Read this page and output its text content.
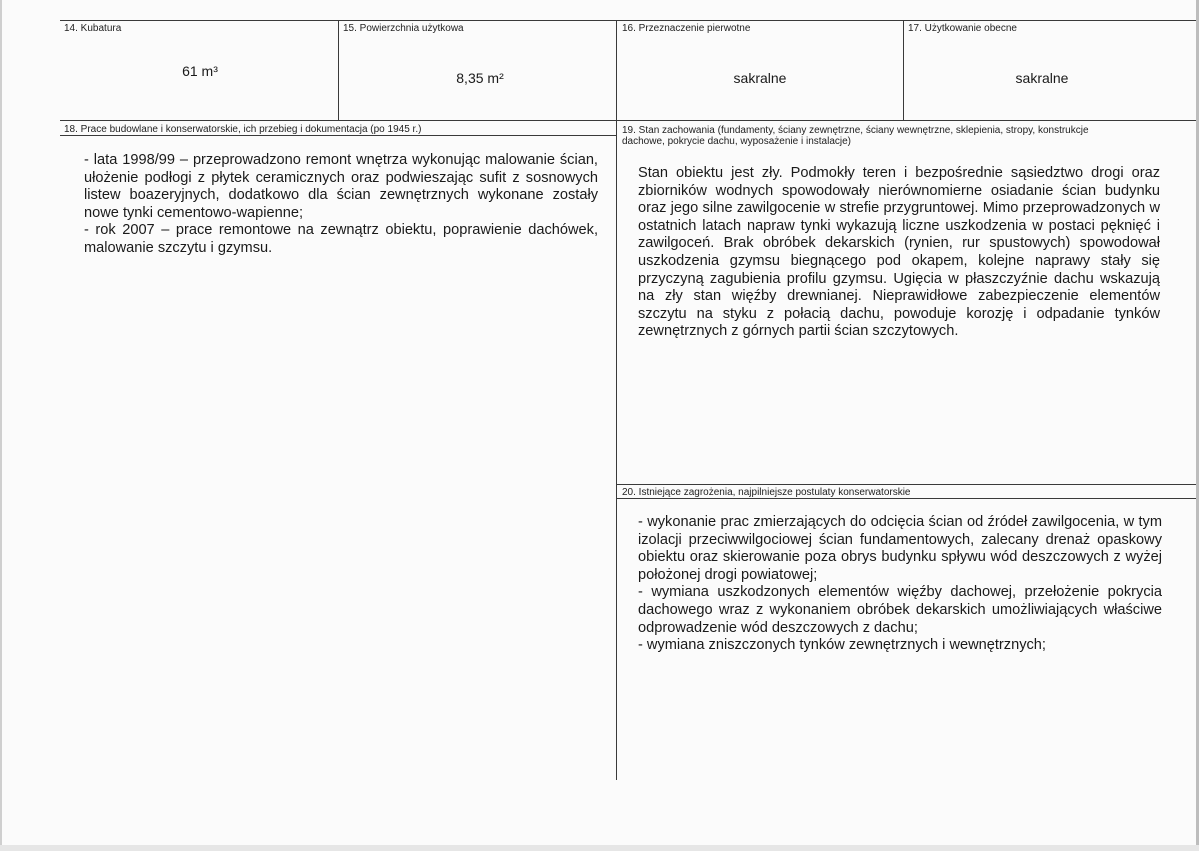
14. Kubatura
61 m³
15. Powierzchnia użytkowa
8,35 m²
16. Przeznaczenie pierwotne
sakralne
17. Użytkowanie obecne
sakralne
18. Prace budowlane i konserwatorskie, ich przebieg i dokumentacja (po 1945 r.)

- lata 1998/99 – przeprowadzono remont wnętrza wykonując malowanie ścian, ułożenie podłogi z płytek ceramicznych oraz podwieszając sufit z sosnowych listew boazeryjnych, dodatkowo dla ścian zewnętrznych wykonane zostały nowe tynki cementowo-wapienne;

- rok 2007 – prace remontowe na zewnątrz obiektu, poprawienie dachówek, malowanie szczytu i gzymsu.

19. Stan zachowania (fundamenty, ściany zewnętrzne, ściany wewnętrzne, sklepienia, stropy, konstrukcje dachowe, pokrycie dachu, wyposażenie i instalacje)

Stan obiektu jest zły. Podmokły teren i bezpośrednie sąsiedztwo drogi oraz zbiorników wodnych spowodowały nierównomierne osiadanie ścian budynku oraz jego silne zawilgocenie w strefie przygruntowej. Mimo przeprowadzonych w ostatnich latach napraw tynki wykazują liczne uszkodzenia w postaci pęknięć i zawilgoceń. Brak obróbek dekarskich (rynien, rur spustowych) spowodował uszkodzenia gzymsu biegnącego pod okapem, kolejne naprawy stały się przyczyną zagubienia profilu gzymsu. Ugięcia w płaszczyźnie dachu wskazują na zły stan więźby drewnianej. Nieprawidłowe zabezpieczenie elementów szczytu na styku z połacią dachu, powoduje korozję i odpadanie tynków zewnętrznych z górnych partii ścian szczytowych.

20. Istniejące zagrożenia, najpilniejsze postulaty konserwatorskie

- wykonanie prac zmierzających do odcięcia ścian od źródeł zawilgocenia, w tym izolacji przeciwwilgociowej ścian fundamentowych, zalecany drenaż opaskowy obiektu oraz skierowanie poza obrys budynku spływu wód deszczowych z wyżej położonej drogi powiatowej;

- wymiana uszkodzonych elementów więźby dachowej, przełożenie pokrycia dachowego wraz z wykonaniem obróbek dekarskich umożliwiających właściwe odprowadzenie wód deszczowych z dachu;

- wymiana zniszczonych tynków zewnętrznych i wewnętrznych;
